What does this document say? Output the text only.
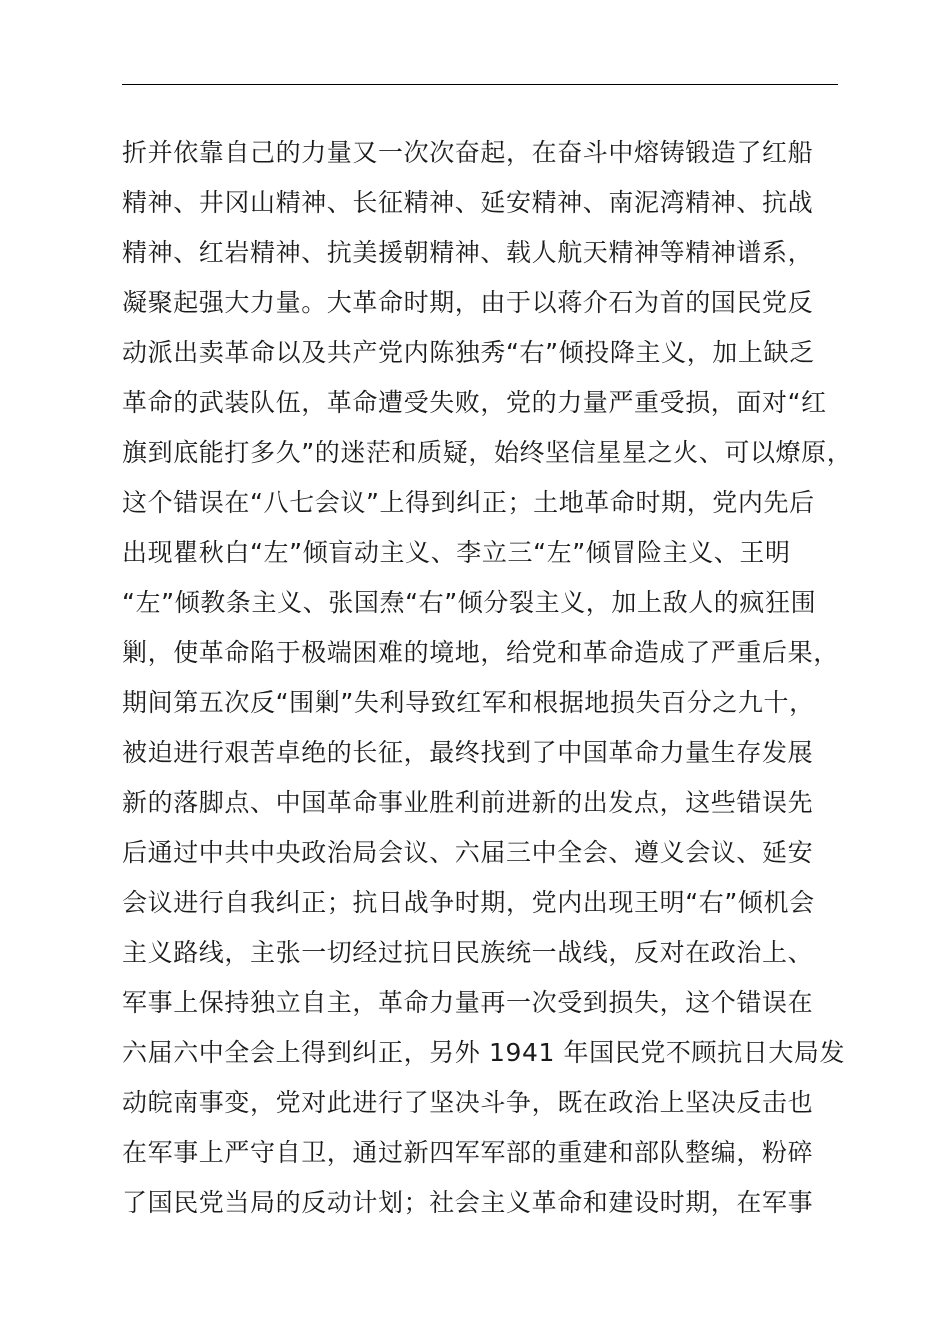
折并依靠自己的力量又一次次奋起，在奋斗中熔铸锻造了红船
精神、井冈山精神、长征精神、延安精神、南泥湾精神、抗战
精神、红岩精神、抗美援朝精神、载人航天精神等精神谱系，
凝聚起强大力量。大革命时期，由于以蒋介石为首的国民党反
动派出卖革命以及共产党内陈独秀“右”倾投降主义，加上缺乏
革命的武装队伍，革命遭受失败，党的力量严重受损，面对“红
旗到底能打多久”的迷茫和质疑，始终坚信星星之火、可以燎原，
这个错误在“八七会议”上得到纠正；土地革命时期，党内先后
出现瞿秋白“左”倾盲动主义、李立三“左”倾冒险主义、王明
“左”倾教条主义、张国焘“右”倾分裂主义，加上敌人的疯狂围
剿，使革命陷于极端困难的境地，给党和革命造成了严重后果，
期间第五次反“围剿”失利导致红军和根据地损失百分之九十，
被迫进行艰苦卓绝的长征，最终找到了中国革命力量生存发展
新的落脚点、中国革命事业胜利前进新的出发点，这些错误先
后通过中共中央政治局会议、六届三中全会、遵义会议、延安
会议进行自我纠正；抗日战争时期，党内出现王明“右”倾机会
主义路线，主张一切经过抗日民族统一战线，反对在政治上、
军事上保持独立自主，革命力量再一次受到损失，这个错误在
六届六中全会上得到纠正，另外 1941 年国民党不顾抗日大局发
动皖南事变，党对此进行了坚决斗争，既在政治上坚决反击也
在军事上严守自卫，通过新四军军部的重建和部队整编，粉碎
了国民党当局的反动计划；社会主义革命和建设时期，在军事
